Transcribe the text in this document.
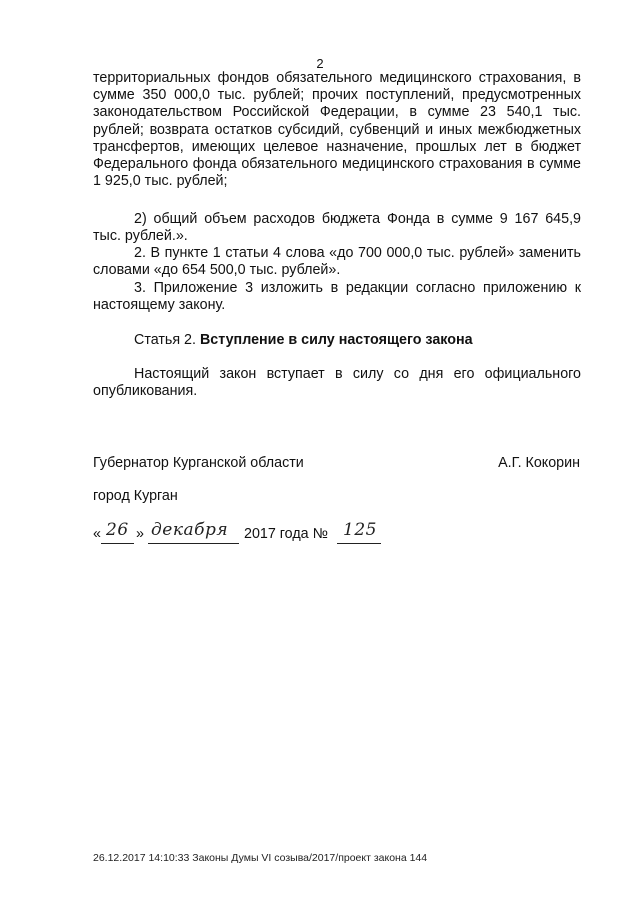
2
территориальных фондов обязательного медицинского страхования, в сумме 350 000,0 тыс. рублей; прочих поступлений, предусмотренных законодательством Российской Федерации, в сумме 23 540,1 тыс. рублей; возврата остатков субсидий, субвенций и иных межбюджетных трансфертов, имеющих целевое назначение, прошлых лет в бюджет Федерального фонда обязательного медицинского страхования в сумме 1 925,0 тыс. рублей;
2) общий объем расходов бюджета Фонда в сумме 9 167 645,9 тыс. рублей.».
2. В пункте 1 статьи 4 слова «до 700 000,0 тыс. рублей» заменить словами «до 654 500,0 тыс. рублей».
3. Приложение 3 изложить в редакции согласно приложению к настоящему закону.
Статья 2. Вступление в силу настоящего закона
Настоящий закон вступает в силу со дня его официального опубликования.
Губернатор Курганской области	А.Г. Кокорин
город Курган
« 26 » декабря 2017 года № 125
26.12.2017 14:10:33 Законы Думы VI созыва/2017/проект закона 144
